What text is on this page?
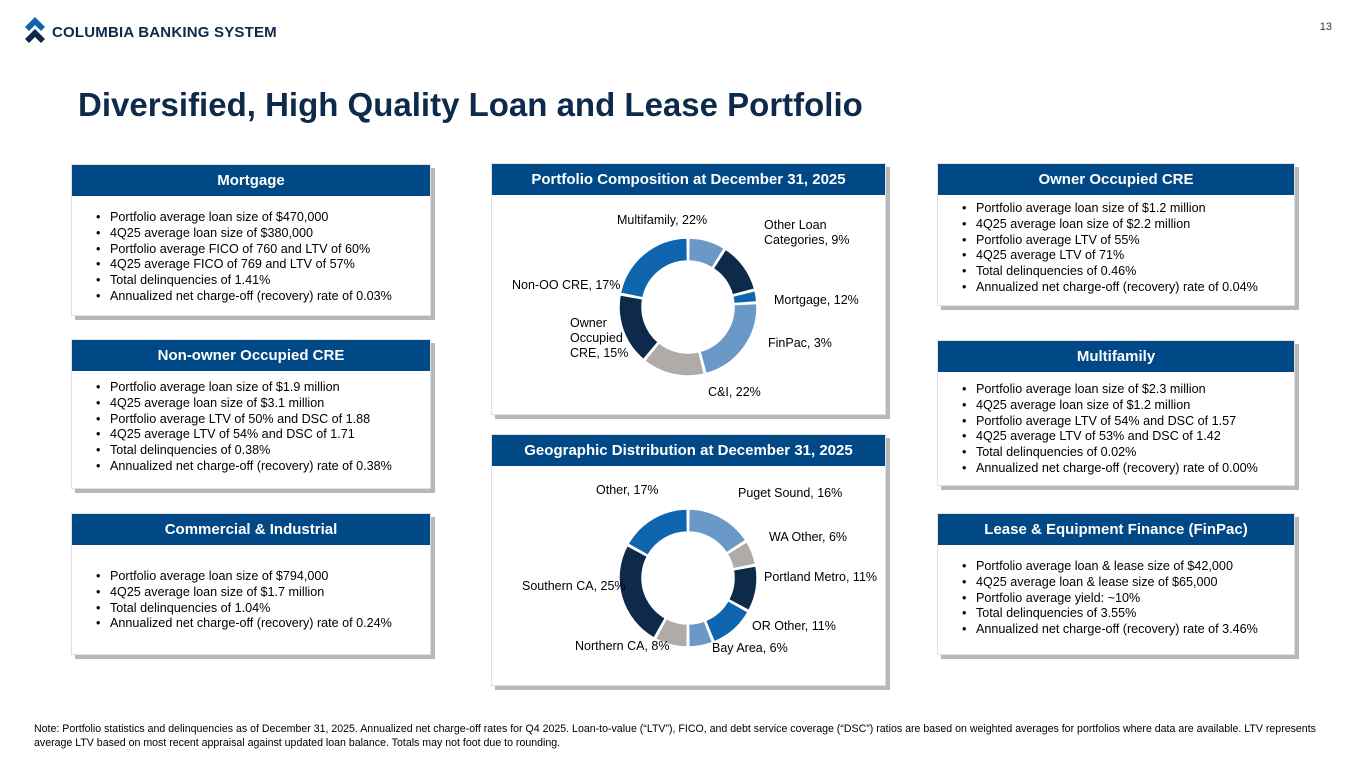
COLUMBIA BANKING SYSTEM	13
Diversified, High Quality Loan and Lease Portfolio
Mortgage
• Portfolio average loan size of $470,000
• 4Q25 average loan size of $380,000
• Portfolio average FICO of 760 and LTV of 60%
• 4Q25 average FICO of 769 and LTV of 57%
• Total delinquencies of 1.41%
• Annualized net charge-off (recovery) rate of 0.03%
Non-owner Occupied CRE
• Portfolio average loan size of $1.9 million
• 4Q25 average loan size of $3.1 million
• Portfolio average LTV of 50% and DSC of 1.88
• 4Q25 average LTV of 54% and DSC of 1.71
• Total delinquencies of 0.38%
• Annualized net charge-off (recovery) rate of 0.38%
Commercial & Industrial
• Portfolio average loan size of $794,000
• 4Q25 average loan size of $1.7 million
• Total delinquencies of 1.04%
• Annualized net charge-off (recovery) rate of 0.24%
Owner Occupied CRE
• Portfolio average loan size of $1.2 million
• 4Q25 average loan size of $2.2 million
• Portfolio average LTV of 55%
• 4Q25 average LTV of 71%
• Total delinquencies of 0.46%
• Annualized net charge-off (recovery) rate of 0.04%
Multifamily
• Portfolio average loan size of $2.3 million
• 4Q25 average loan size of $1.2 million
• Portfolio average LTV of 54% and DSC of 1.57
• 4Q25 average LTV of 53% and DSC of 1.42
• Total delinquencies of 0.02%
• Annualized net charge-off (recovery) rate of 0.00%
Lease & Equipment Finance (FinPac)
• Portfolio average loan & lease size of $42,000
• 4Q25 average loan & lease size of $65,000
• Portfolio average yield: ~10%
• Total delinquencies of 3.55%
• Annualized net charge-off (recovery) rate of 3.46%
Portfolio Composition at December 31, 2025
Other Loan Categories, 9%
Mortgage, 12%
FinPac, 3%
C&I, 22%
Owner Occupied CRE, 15%
Non-OO CRE, 17%
Multifamily, 22%
Geographic Distribution at December 31, 2025
Puget Sound, 16%
WA Other, 6%
Portland Metro, 11%
OR Other, 11%
Bay Area, 6%
Northern CA, 8%
Southern CA, 25%
Other, 17%
Note: Portfolio statistics and delinquencies as of December 31, 2025. Annualized net charge-off rates for Q4 2025. Loan-to-value (“LTV”), FICO, and debt service coverage (“DSC”) ratios are based on weighted averages for portfolios where data are available. LTV represents average LTV based on most recent appraisal against updated loan balance. Totals may not foot due to rounding.
